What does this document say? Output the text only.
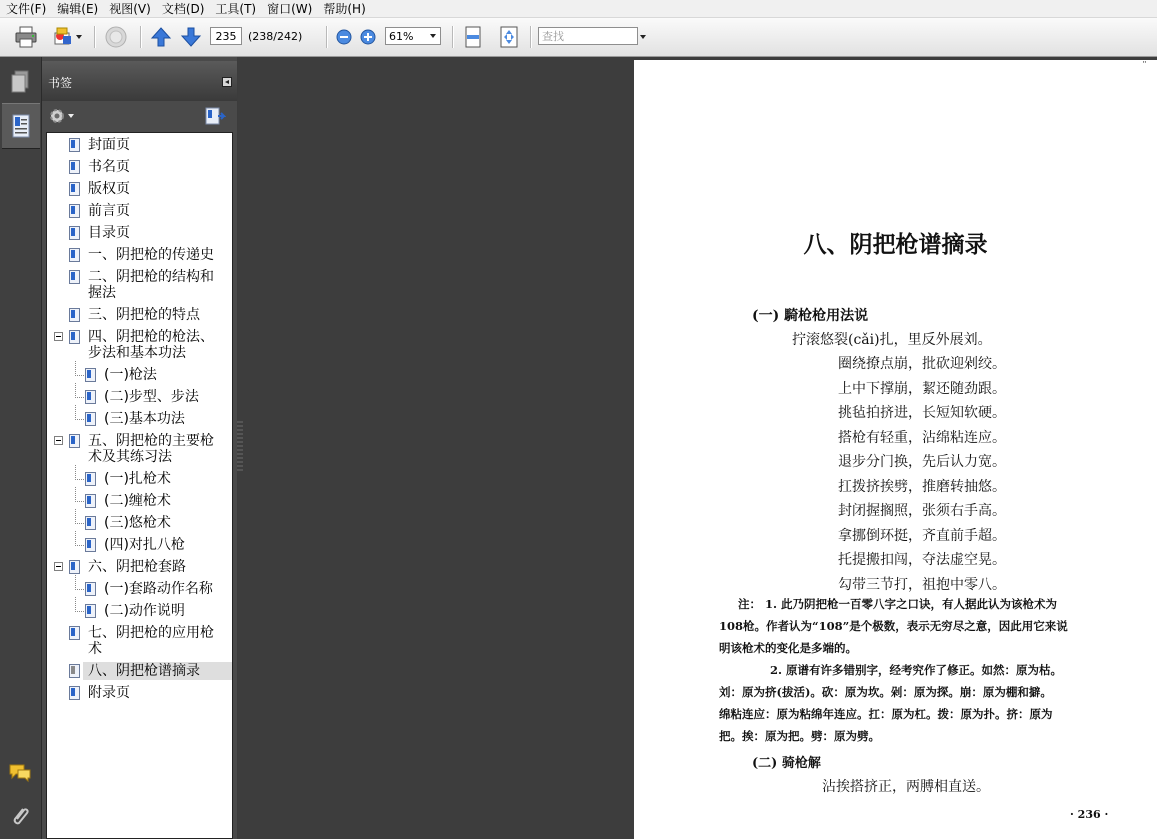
文件(F) 编辑(E) 视图(V) 文档(D) 工具(T) 窗口(W) 帮助(H)
235	(238/242)	61%	查找
书签
封面页
书名页
版权页
前言页
目录页
一、阴把枪的传递史
二、阴把枪的结构和
握法
三、阴把枪的特点
四、阴把枪的枪法、
步法和基本功法
(一)枪法
(二)步型、步法
(三)基本功法
五、阴把枪的主要枪
术及其练习法
(一)扎枪术
(二)缠枪术
(三)悠枪术
(四)对扎八枪
六、阴把枪套路
(一)套路动作名称
(二)动作说明
七、阴把枪的应用枪
术
八、阴把枪谱摘录
附录页
¨
八、阴把枪谱摘录
(一) 騎枪枪用法说
拧滚悠裂(cǎi)扎，里反外展刘。
圈绕撩点崩，批砍迎剁绞。
上中下撑崩，絜还随劲跟。
挑毡拍挤进，长短知软硬。
搭枪有轻重，沾绵粘连应。
退步分门换，先后认力宽。
扛拨挤挨劈，推磨转抽悠。
封闭握搁照，张须右手高。
拿挪倒环挺，齐直前手超。
托提搬扣闯，夺法虚空晃。
勾带三节打，祖抱中零八。
注： 1. 此乃阴把枪一百零八字之口诀，有人据此认为该枪术为
108枪。作者认为“108”是个极数，表示无穷尽之意，因此用它来说
明该枪术的变化是多端的。
2. 原谱有许多错别字，经考究作了修正。如然：原为枯。
刘：原为挤(拔活)。砍：原为坎。剁：原为探。崩：原为棚和擗。
绵粘连应：原为粘绵年连应。扛：原为杠。拨：原为扑。挤：原为
把。挨：原为把。劈：原为劈。
(二) 骑枪解
沾挨搭挤正，两膊相直送。
· 236 ·
